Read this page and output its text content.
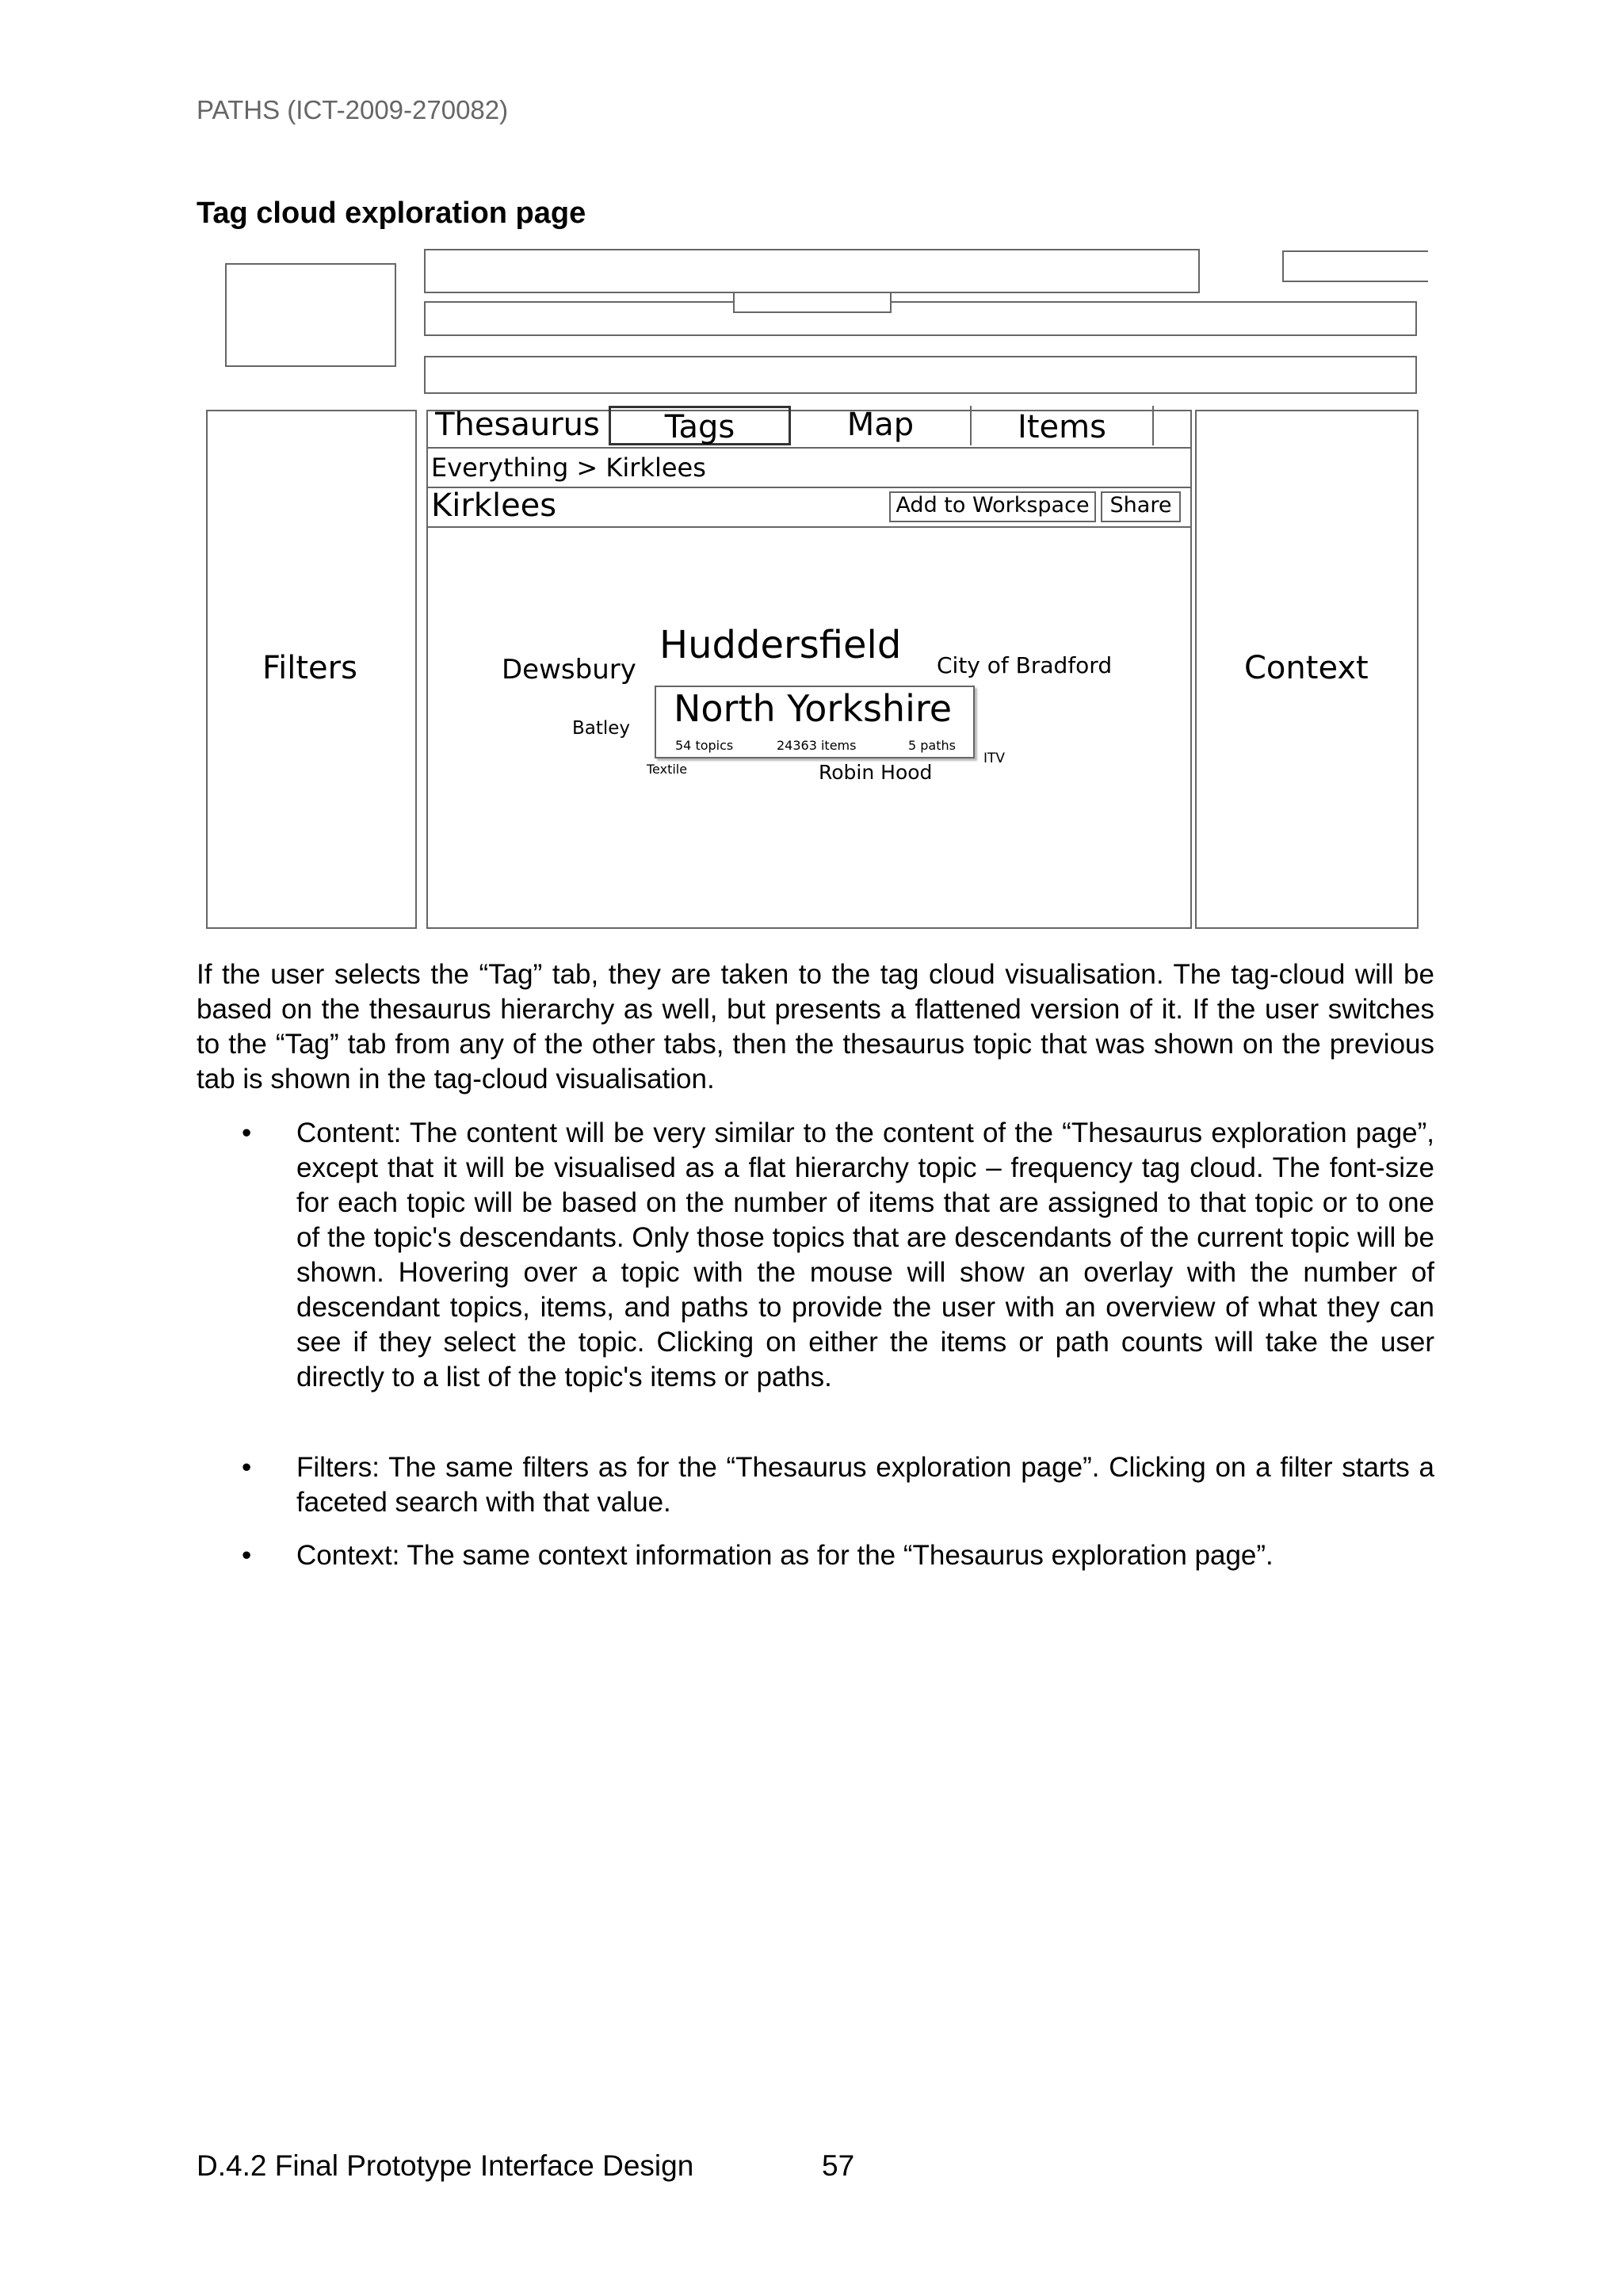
PATHS (ICT-2009-270082)
Tag cloud exploration page
Filters	Context
Thesaurus	Tags	Map	Items
Everything > Kirklees
Kirklees	Add to Workspace Share
Huddersfield
Dewsbury	City of Bradford
Batley
Textile	Robin Hood
ITV
North Yorkshire
54 topics	24363 items	5 paths
If the user selects the “Tag” tab, they are taken to the tag cloud visualisation. The tag-cloud will be based on the thesaurus hierarchy as well, but presents a flattened version of it. If the user switches to the “Tag” tab from any of the other tabs, then the thesaurus topic that was shown on the previous tab is shown in the tag-cloud visualisation.
• Content: The content will be very similar to the content of the “Thesaurus exploration page”, except that it will be visualised as a flat hierarchy topic – frequency tag cloud. The font-size for each topic will be based on the number of items that are assigned to that topic or to one of the topic's descendants. Only those topics that are descendants of the current topic will be shown. Hovering over a topic with the mouse will show an overlay with the number of descendant topics, items, and paths to provide the user with an overview of what they can see if they select the topic. Clicking on either the items or path counts will take the user directly to a list of the topic's items or paths.
• Filters: The same filters as for the “Thesaurus exploration page”. Clicking on a filter starts a faceted search with that value.
• Context: The same context information as for the “Thesaurus exploration page”.
D.4.2 Final Prototype Interface Design	57
